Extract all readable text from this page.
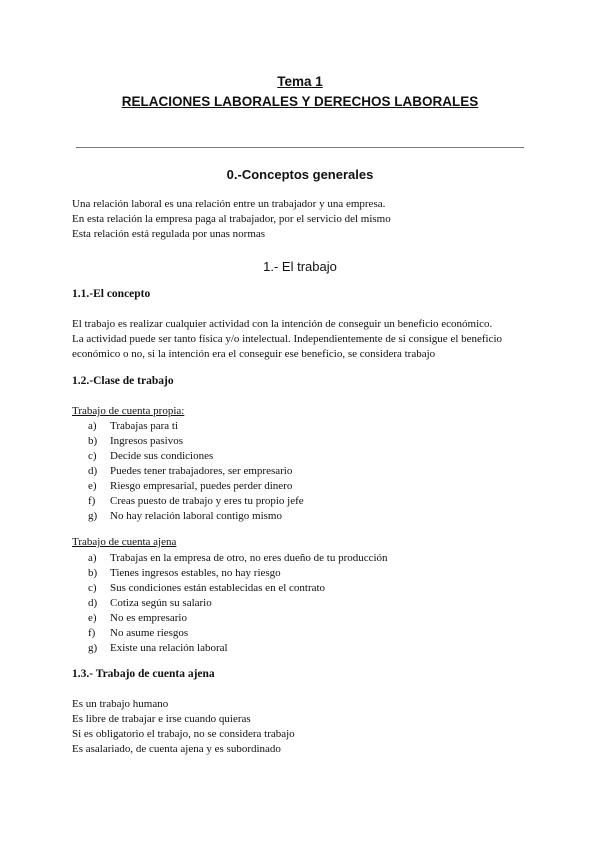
Tema 1
RELACIONES LABORALES Y DERECHOS LABORALES
0.-Conceptos generales

Una relación laboral es una relación entre un trabajador y una empresa.

En esta relación la empresa paga al trabajador, por el servicio del mismo

Esta relación está regulada por unas normas

1.- El trabajo
1.1.-El concepto

El trabajo es realizar cualquier actividad con la intención de conseguir un beneficio económico.

La actividad puede ser tanto física y/o intelectual. Independientemente de si consigue el beneficio

económico o no, si la intención era el conseguir ese beneficio, se considera trabajo

1.2.-Clase de trabajo
Trabajo de cuenta propia:
a) Trabajas para ti
b) Ingresos pasivos
c) Decide sus condiciones
d) Puedes tener trabajadores, ser empresario
e) Riesgo empresarial, puedes perder dinero
f) Creas puesto de trabajo y eres tu propio jefe
g) No hay relación laboral contigo mismo
Trabajo de cuenta ajena
a) Trabajas en la empresa de otro, no eres dueño de tu producción
b) Tienes ingresos estables, no hay riesgo
c) Sus condiciones están establecidas en el contrato
d) Cotiza según su salario
e) No es empresario
f) No asume riesgos
g) Existe una relación laboral
1.3.- Trabajo de cuenta ajena

Es un trabajo humano

Es libre de trabajar e irse cuando quieras

Si es obligatorio el trabajo, no se considera trabajo

Es asalariado, de cuenta ajena y es subordinado
